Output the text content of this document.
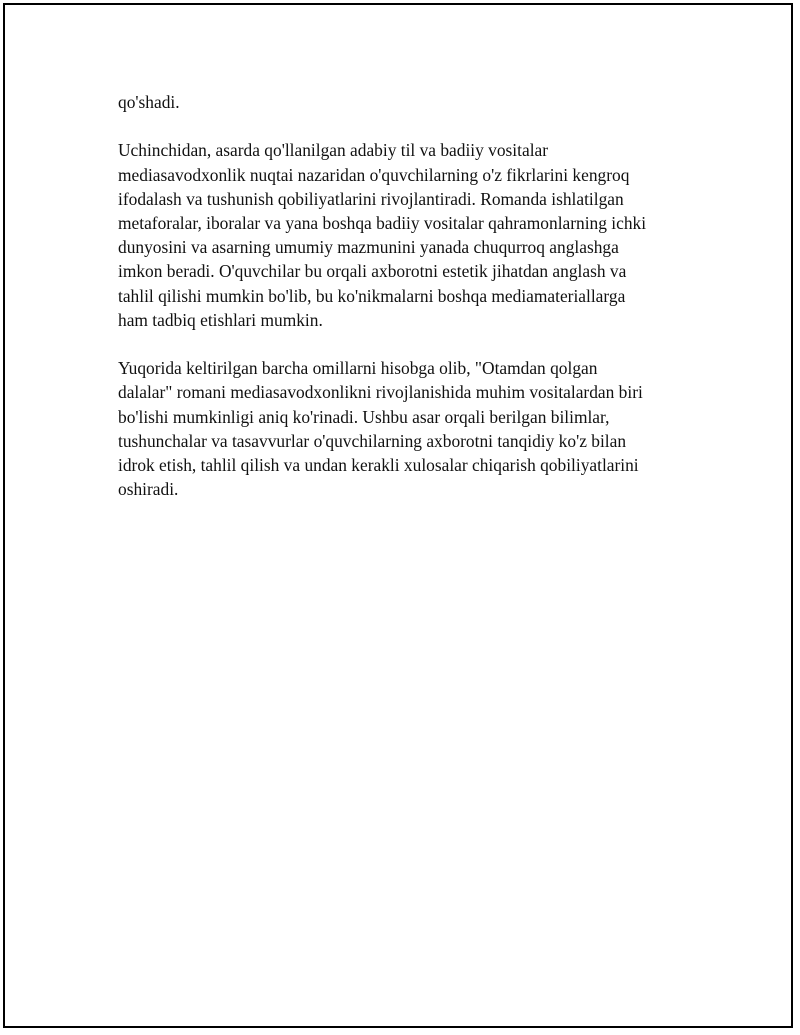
qo'shadi.

Uchinchidan, asarda qo'llanilgan adabiy til va badiiy vositalar
mediasavodxonlik nuqtai nazaridan o'quvchilarning o'z fikrlarini kengroq
ifodalash va tushunish qobiliyatlarini rivojlantiradi. Romanda ishlatilgan
metaforalar, iboralar va yana boshqa badiiy vositalar qahramonlarning ichki
dunyosini va asarning umumiy mazmunini yanada chuqurroq anglashga
imkon beradi. O'quvchilar bu orqali axborotni estetik jihatdan anglash va
tahlil qilishi mumkin bo'lib, bu ko'nikmalarni boshqa mediamateriallarga
ham tadbiq etishlari mumkin.

Yuqorida keltirilgan barcha omillarni hisobga olib, "Otamdan qolgan
dalalar" romani mediasavodxonlikni rivojlanishida muhim vositalardan biri
bo'lishi mumkinligi aniq ko'rinadi. Ushbu asar orqali berilgan bilimlar,
tushunchalar va tasavvurlar o'quvchilarning axborotni tanqidiy ko'z bilan
idrok etish, tahlil qilish va undan kerakli xulosalar chiqarish qobiliyatlarini
oshiradi.
